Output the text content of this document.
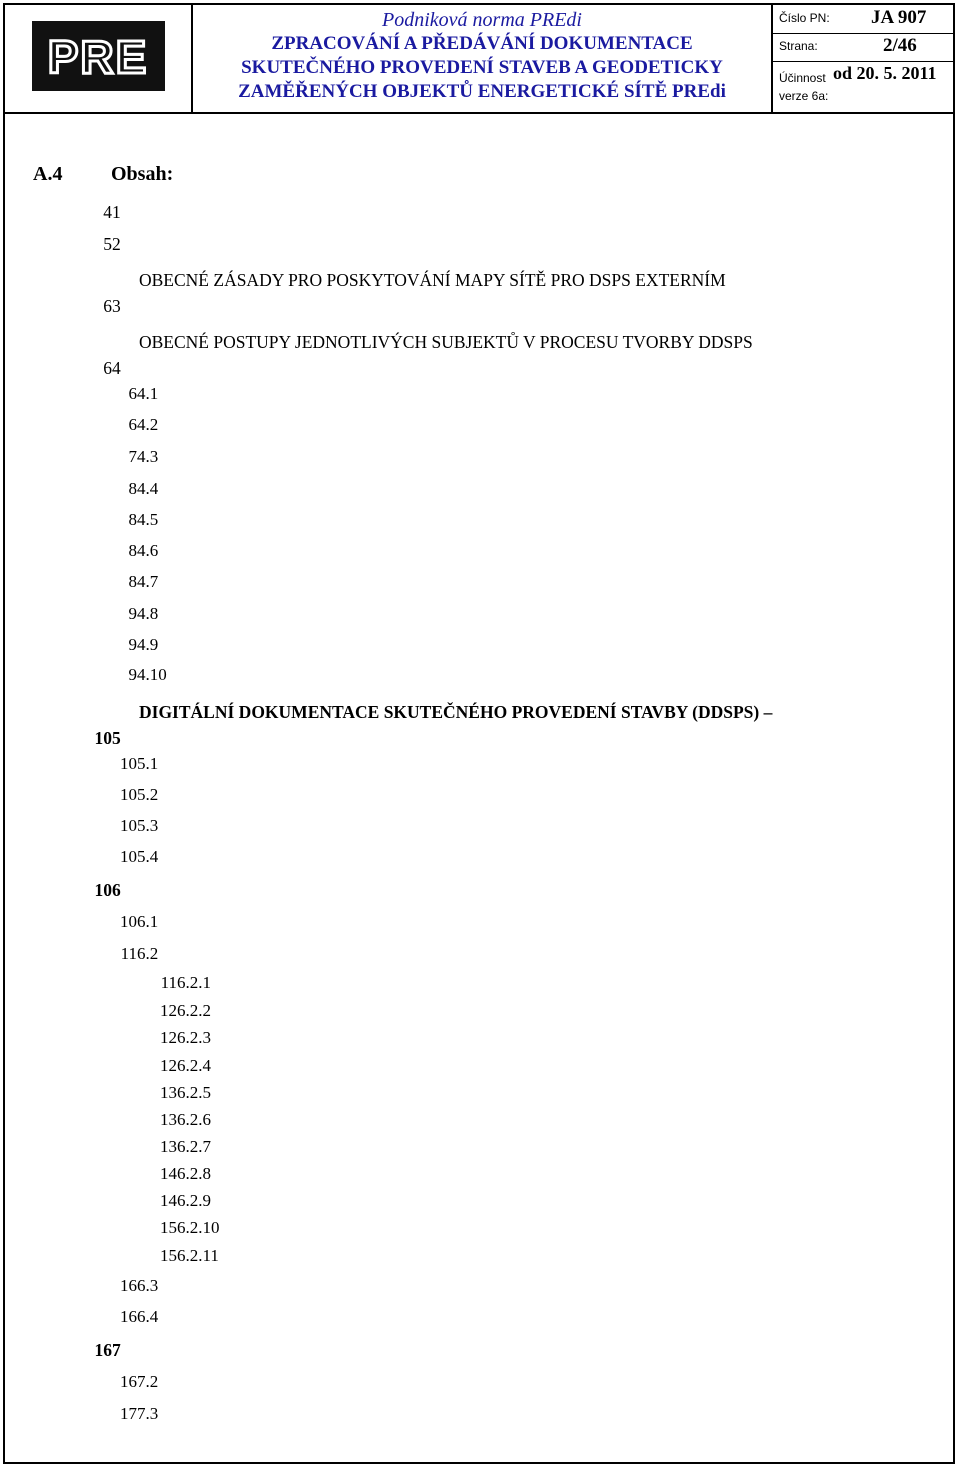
PRE
Podniková norma PREdi
ZPRACOVÁNÍ A PŘEDÁVÁNÍ DOKUMENTACE
SKUTEČNÉHO PROVEDENÍ STAVEB A GEODETICKY
ZAMĚŘENÝCH OBJEKTŮ ENERGETICKÉ SÍTĚ PREdi
Číslo PN: JA 907
Strana:	2/46
Účinnost od 20. 5. 2011
verze 6a:
A.4 Obsah:
1
4
2
5
3
OBECNÉ ZÁSADY PRO POSKYTOVÁNÍ MAPY SÍTĚ PRO DSPS EXTERNÍM
6
4
OBECNÉ POSTUPY JEDNOTLIVÝCH SUBJEKTŮ V PROCESU TVORBY DDSPS
6
4.1
6
4.2
6
4.3
7
4.4
8
4.5
8
4.6
8
4.7
8
4.8
9
4.9
9
4.10
9
5
DIGITÁLNÍ DOKUMENTACE SKUTEČNÉHO PROVEDENÍ STAVBY (DDSPS) –
10
5.1
10
5.2
10
5.3
10
5.4
10
6
10
6.1
10
6.2
11
6.2.1
11
6.2.2
12
6.2.3
12
6.2.4
12
6.2.5
13
6.2.6
13
6.2.7
13
6.2.8
14
6.2.9
14
6.2.10
15
6.2.11
15
6.3
16
6.4
16
7
16
7.2
16
7.3
17
